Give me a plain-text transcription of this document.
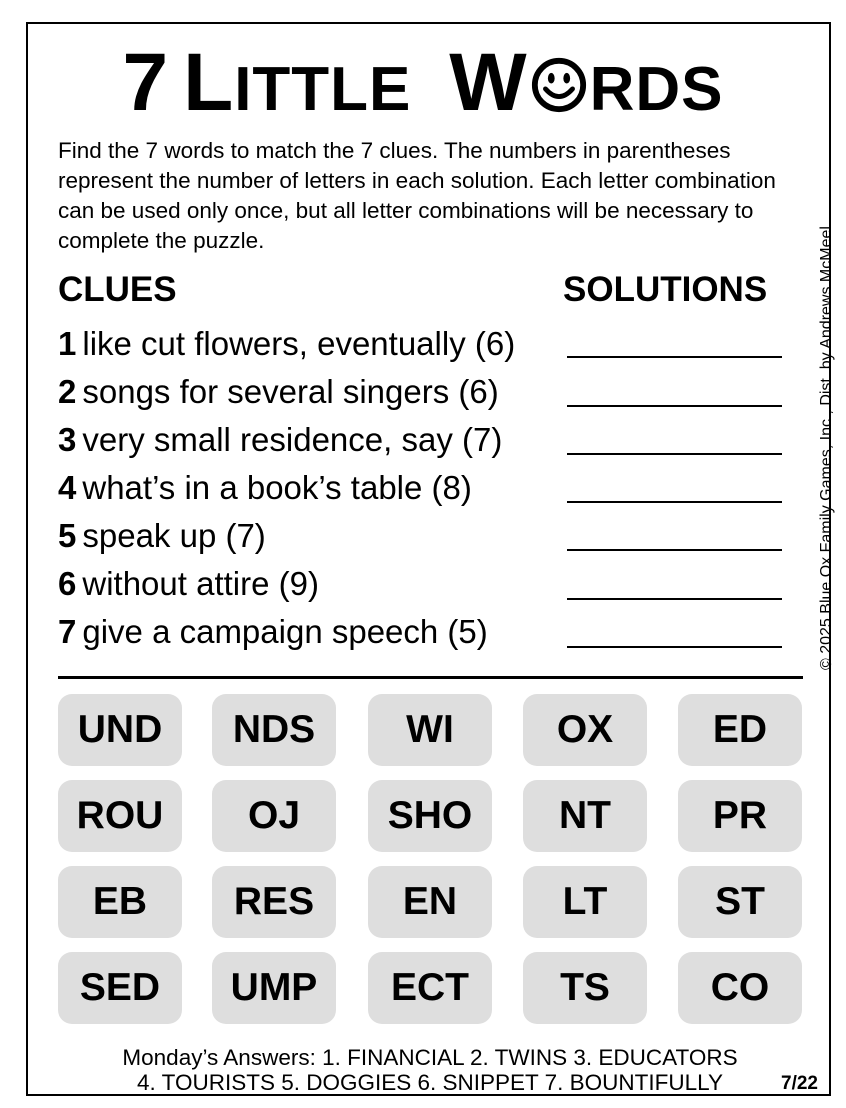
7 LITTLE W RDS
Find the 7 words to match the 7 clues. The numbers in parentheses represent the number of letters in each solution. Each letter combination can be used only once, but all letter combinations will be necessary to complete the puzzle.	© 2025 Blue Ox Family Games, Inc., Dist. by Andrews McMeel
CLUES	SOLUTIONS
1 like cut flowers, eventually (6)
2 songs for several singers (6)
3 very small residence, say (7)
4 what’s in a book’s table (8)
5 speak up (7)
6 without attire (9)
7 give a campaign speech (5)
UND	NDS	WI	OX	ED
ROU	OJ	SHO	NT	PR
EB	RES	EN	LT	ST
SED	UMP	ECT	TS	CO
Monday’s Answers: 1. FINANCIAL 2. TWINS 3. EDUCATORS
4. TOURISTS 5. DOGGIES 6. SNIPPET 7. BOUNTIFULLY	7/22
